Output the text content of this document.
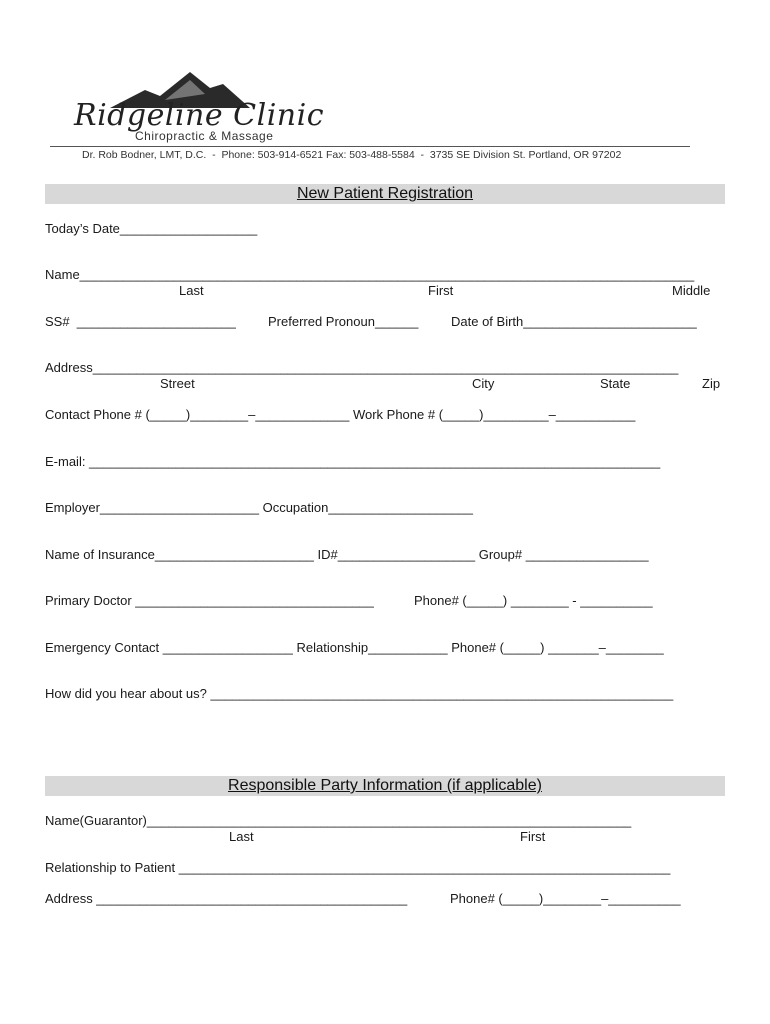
Ridgeline Clinic
Chiropractic & Massage
Dr. Rob Bodner, LMT, D.C.  -  Phone: 503-914-6521 Fax: 503-488-5584  -  3735 SE Division St. Portland, OR 97202
New Patient Registration
Today’s Date___________________
Name_____________________________________________________________________________________
Last	First	Middle
SS#  ______________________ Preferred Pronoun______	Date of Birth________________________
Address_________________________________________________________________________________
Street	City	State	Zip
Contact Phone # (_____)________–_____________ Work Phone # (_____)_________–___________
E-mail: _______________________________________________________________________________
Employer______________________ Occupation____________________
Name of Insurance______________________ ID#___________________ Group# _________________
Primary Doctor _________________________________	Phone# (_____) ________ - __________
Emergency Contact __________________ Relationship___________ Phone# (_____) _______–________
How did you hear about us? ________________________________________________________________
Responsible Party Information (if applicable)
Name(Guarantor)___________________________________________________________________
Last	First
Relationship to Patient ____________________________________________________________________
Address ___________________________________________	Phone# (_____)________–__________
